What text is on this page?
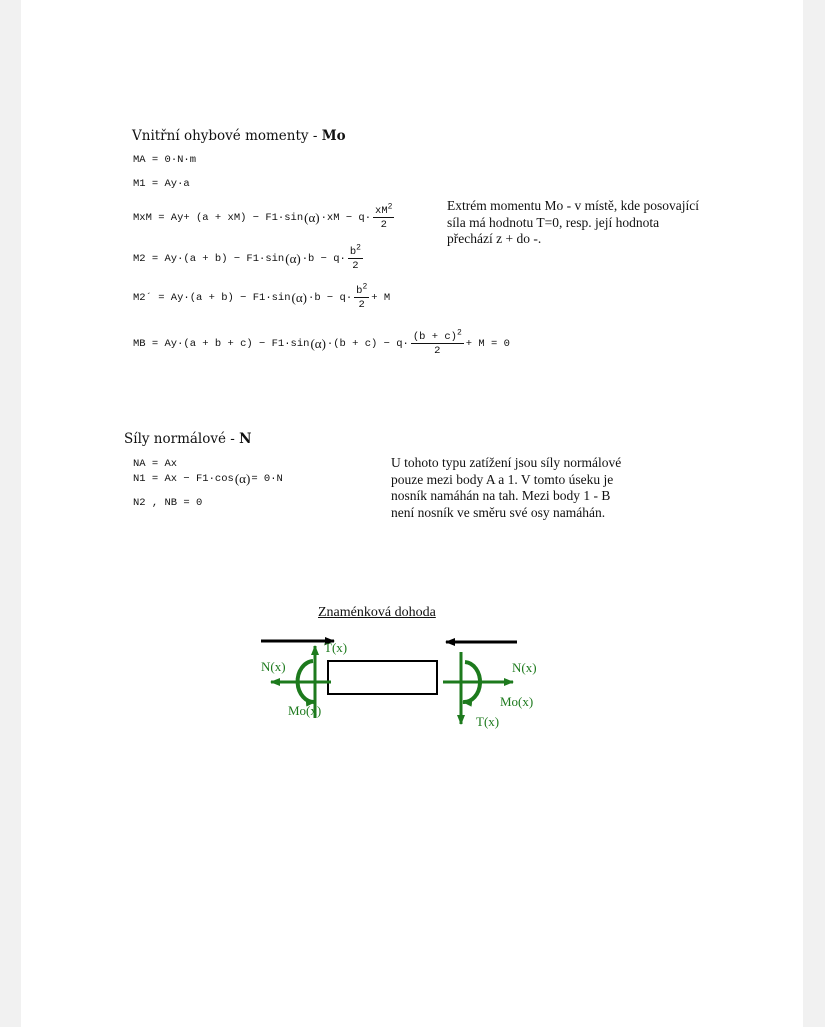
Vnitřní ohybové momenty - Mo
MA = 0 ·N·m
M1 = Ay·a
MxM = Ay+ (a + xM) − F1·sin $(\alpha) \cdot xM - q\cdot \frac{xM^2}{2}$
M2 = Ay·(a + b) − F1·sin $(\alpha) \cdot b - q\cdot \frac{b^2}{2}$
M2´ = Ay·(a + b) − F1·sin $(\alpha) \cdot b - q\cdot \frac{b^2}{2} + M$
MB = Ay·(a + b + c) − F1·sin $(\alpha) \cdot(b + c) - q\cdot \frac{(b + c)^2}{2} + M = 0$
Extrém momentu Mo - v místě, kde posovající síla má hodnotu T=0, resp. její hodnota přechází z + do -.
Síly normálové - N
NA = Ax
N1 = Ax − F1·cos (α) = 0·N
N2 , NB = 0
U tohoto typu zatížení jsou síly normálové pouze mezi body A a 1. V tomto úseku je nosník namáhán na tah. Mezi body 1 - B není nosník ve směru své osy namáhán.
Znaménková dohoda
T(x)
N(x)
Mo(x)
N(x)
Mo(x)
T(x)
